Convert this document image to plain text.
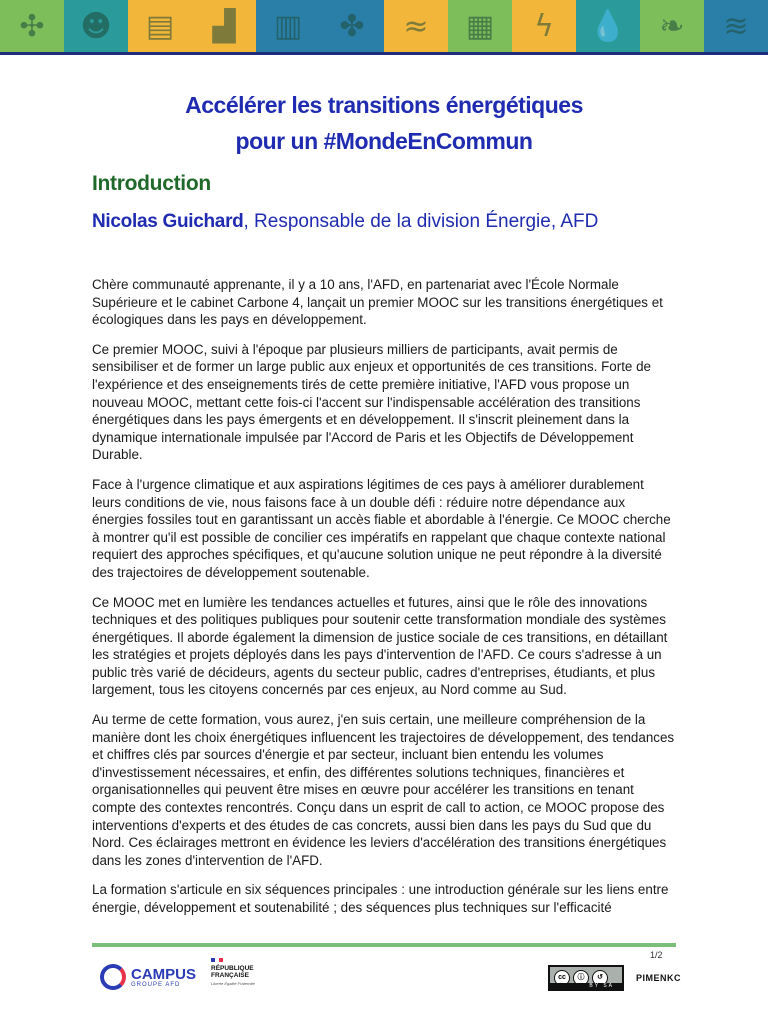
✣	☻	▤	▟	▥	✤	≈	▦	ϟ	💧	❧	≋
Accélérer les transitions énergétiques
pour un #MondeEnCommun
Introduction
Nicolas Guichard, Responsable de la division Énergie, AFD

Chère communauté apprenante, il y a 10 ans, l'AFD, en partenariat avec l'École Normale Supérieure et le cabinet Carbone 4, lançait un premier MOOC sur les transitions énergétiques et écologiques dans les pays en développement.

Ce premier MOOC, suivi à l'époque par plusieurs milliers de participants, avait permis de sensibiliser et de former un large public aux enjeux et opportunités de ces transitions. Forte de l'expérience et des enseignements tirés de cette première initiative, l'AFD vous propose un nouveau MOOC, mettant cette fois-ci l'accent sur l'indispensable accélération des transitions énergétiques dans les pays émergents et en développement. Il s'inscrit pleinement dans la dynamique internationale impulsée par l'Accord de Paris et les Objectifs de Développement Durable.

Face à l'urgence climatique et aux aspirations légitimes de ces pays à améliorer durablement leurs conditions de vie, nous faisons face à un double défi : réduire notre dépendance aux énergies fossiles tout en garantissant un accès fiable et abordable à l'énergie. Ce MOOC cherche à montrer qu'il est possible de concilier ces impératifs en rappelant que chaque contexte national requiert des approches spécifiques, et qu'aucune solution unique ne peut répondre à la diversité des trajectoires de développement soutenable.

Ce MOOC met en lumière les tendances actuelles et futures, ainsi que le rôle des innovations techniques et des politiques publiques pour soutenir cette transformation mondiale des systèmes énergétiques. Il aborde également la dimension de justice sociale de ces transitions, en détaillant les stratégies et projets déployés dans les pays d'intervention de l'AFD. Ce cours s'adresse à un public très varié de décideurs, agents du secteur public, cadres d'entreprises, étudiants, et plus largement, tous les citoyens concernés par ces enjeux, au Nord comme au Sud.

Au terme de cette formation, vous aurez, j'en suis certain, une meilleure compréhension de la manière dont les choix énergétiques influencent les trajectoires de développement, des tendances et chiffres clés par sources d'énergie et par secteur, incluant bien entendu les volumes d'investissement nécessaires, et enfin, des différentes solutions techniques, financières et organisationnelles qui peuvent être mises en œuvre pour accélérer les transitions en tenant compte des contextes rencontrés. Conçu dans un esprit de call to action, ce MOOC propose des interventions d'experts et des études de cas concrets, aussi bien dans les pays du Sud que du Nord. Ces éclairages mettront en évidence les leviers d'accélération des transitions énergétiques dans les zones d'intervention de l'AFD.

La formation s'articule en six séquences principales : une introduction générale sur les liens entre énergie, développement et soutenabilité ; des séquences plus techniques sur l'efficacité

1/2
CAMPUS
GROUPE AFD
RÉPUBLIQUE
FRANÇAISE
Liberté Égalité Fraternité
cc	ⓘ	↺
BY SA
PIMENKC
